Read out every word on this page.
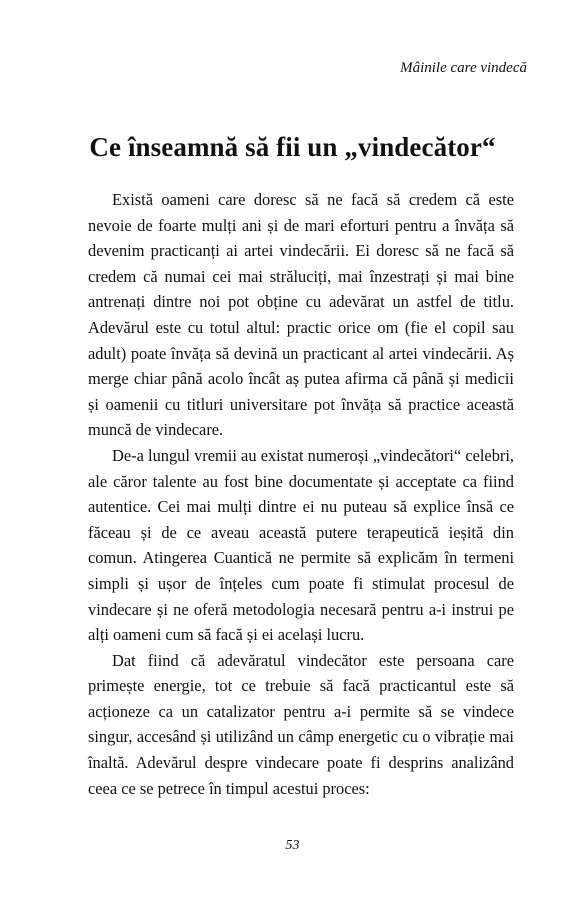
Mâinile care vindecă
Ce înseamnă să fii un „vindecător“

Există oameni care doresc să ne facă să credem că este nevoie de foarte mulți ani și de mari eforturi pentru a învăța să devenim practicanți ai artei vindecării. Ei doresc să ne facă să credem că numai cei mai străluciți, mai înzestrați și mai bine antrenați dintre noi pot obține cu adevărat un astfel de titlu. Adevărul este cu totul altul: practic orice om (fie el copil sau adult) poate învăța să devină un practicant al artei vindecării. Aș merge chiar până acolo încât aș putea afirma că până și medicii și oamenii cu titluri universitare pot învăța să practice această muncă de vindecare.

De-a lungul vremii au existat numeroși „vindecători“ celebri, ale căror talente au fost bine documentate și acceptate ca fiind autentice. Cei mai mulți dintre ei nu puteau să explice însă ce făceau și de ce aveau această putere terapeutică ieșită din comun. Atingerea Cuantică ne permite să explicăm în termeni simpli și ușor de înțeles cum poate fi stimulat procesul de vindecare și ne oferă metodologia necesară pentru a-i instrui pe alți oameni cum să facă și ei același lucru.

Dat fiind că adevăratul vindecător este persoana care primește energie, tot ce trebuie să facă practicantul este să acționeze ca un catalizator pentru a-i permite să se vindece singur, accesând și utilizând un câmp energetic cu o vibrație mai înaltă. Adevărul despre vindecare poate fi desprins analizând ceea ce se petrece în timpul acestui proces:

53
